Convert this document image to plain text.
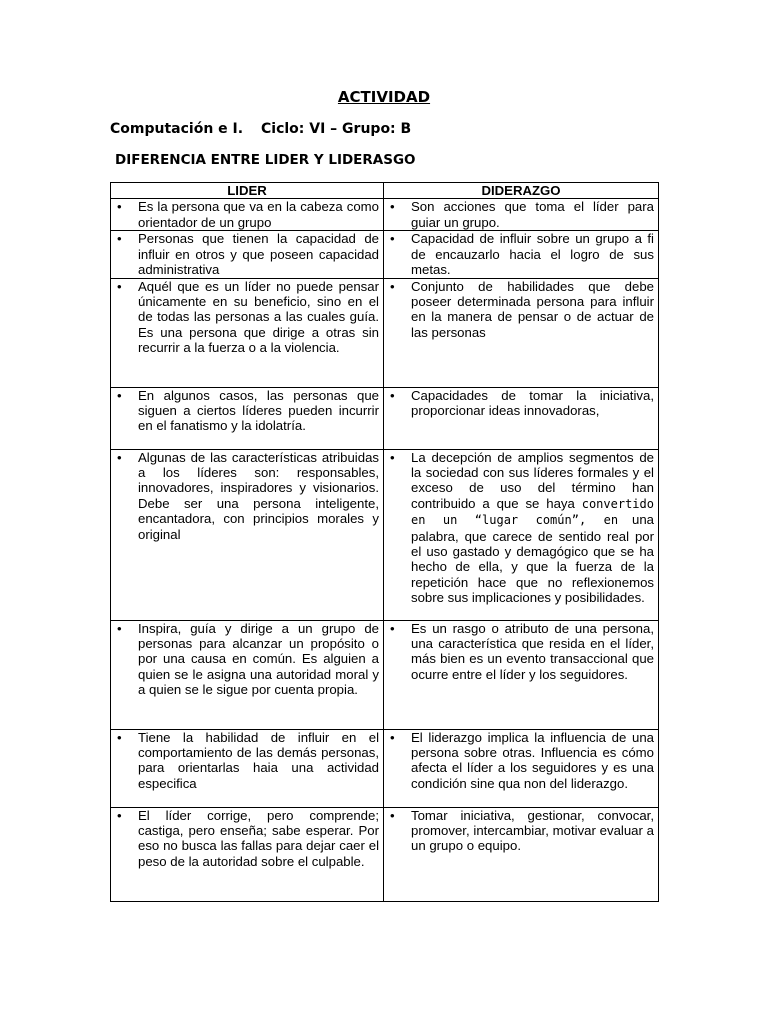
ACTIVIDAD
Computación e I. Ciclo: VI – Grupo: B
DIFERENCIA ENTRE LIDER Y LIDERASGO
LIDER	DIDERAZGO
• Es la persona que va en la cabeza como orientador de un grupo	• Son acciones que toma el líder para guiar un grupo.
• Personas que tienen la capacidad de influir en otros y que poseen capacidad administrativa	• Capacidad de influir sobre un grupo a fi de encauzarlo hacia el logro de sus metas.
• Aquél que es un líder no puede pensar únicamente en su beneficio, sino en el de todas las personas a las cuales guía. Es una persona que dirige a otras sin recurrir a la fuerza o a la violencia.	• Conjunto de habilidades que debe poseer determinada persona para influir en la manera de pensar o de actuar de las personas
• En algunos casos, las personas que siguen a ciertos líderes pueden incurrir en el fanatismo y la idolatría.	• Capacidades de tomar la iniciativa, proporcionar ideas innovadoras,
• Algunas de las características atribuidas a los líderes son: responsables, innovadores, inspiradores y visionarios. Debe ser una persona inteligente, encantadora, con principios morales y original	• La decepción de amplios segmentos de la sociedad con sus líderes formales y el exceso de uso del término han contribuido a que se haya convertido en un “lugar común”, en una palabra, que carece de sentido real por el uso gastado y demagógico que se ha hecho de ella, y que la fuerza de la repetición hace que no reflexionemos sobre sus implicaciones y posibilidades.
• Inspira, guía y dirige a un grupo de personas para alcanzar un propósito o por una causa en común. Es alguien a quien se le asigna una autoridad moral y a quien se le sigue por cuenta propia.	• Es un rasgo o atributo de una persona, una característica que resida en el líder, más bien es un evento transaccional que ocurre entre el líder y los seguidores.
• Tiene la habilidad de influir en el comportamiento de las demás personas, para orientarlas haia una actividad especifica	• El liderazgo implica la influencia de una persona sobre otras. Influencia es cómo afecta el líder a los seguidores y es una condición sine qua non del liderazgo.
• El líder corrige, pero comprende; castiga, pero enseña; sabe esperar. Por eso no busca las fallas para dejar caer el peso de la autoridad sobre el culpable.	• Tomar iniciativa, gestionar, convocar, promover, intercambiar, motivar evaluar a un grupo o equipo.
